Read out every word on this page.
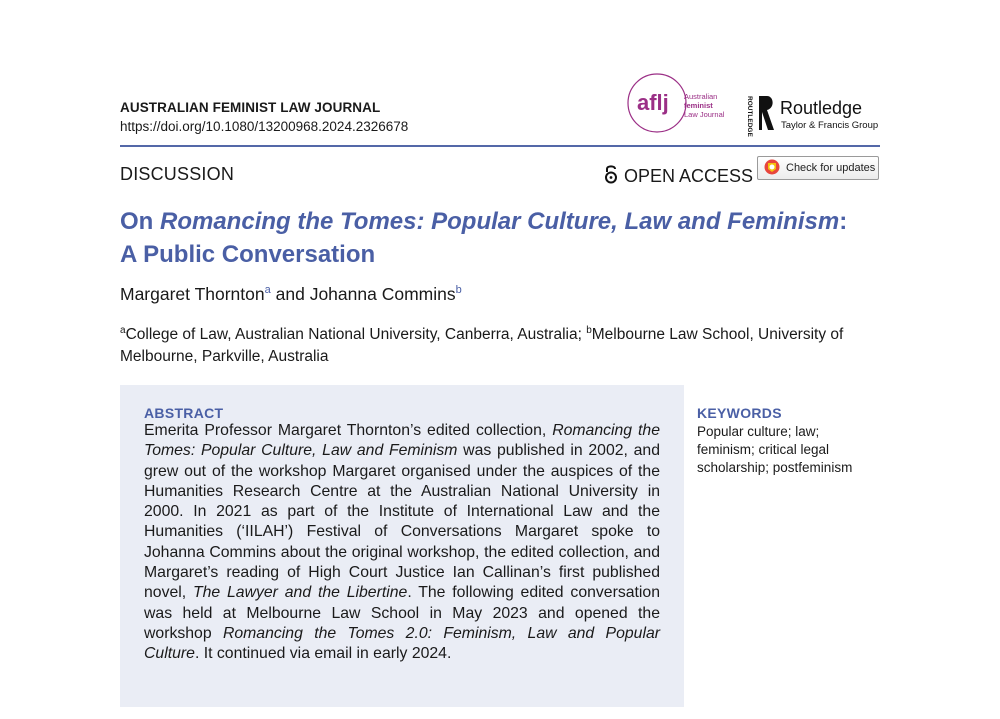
AUSTRALIAN FEMINIST LAW JOURNAL
https://doi.org/10.1080/13200968.2024.2326678
aflj Australian
feminist
Law Journal	ROUTLEDGE Routledge
Taylor & Francis Group
DISCUSSION	OPEN ACCESS	Check for updates
On Romancing the Tomes: Popular Culture, Law and Feminism:
A Public Conversation
Margaret Thornton$^a$ and Johanna Commins$^b$
$^a$College of Law, Australian National University, Canberra, Australia; $^b$Melbourne Law School, University of Melbourne, Parkville, Australia
ABSTRACT
Emerita Professor Margaret Thornton’s edited collection, Romancing the Tomes: Popular Culture, Law and Feminism was published in 2002, and grew out of the workshop Margaret organised under the auspices of the Humanities Research Centre at the Australian National University in 2000. In 2021 as part of the Institute of International Law and the Humanities (‘IILAH’) Festival of Conversations Margaret spoke to Johanna Commins about the original workshop, the edited collection, and Margaret’s reading of High Court Justice Ian Callinan’s first published novel, The Lawyer and the Libertine. The following edited conversation was held at Melbourne Law School in May 2023 and opened the workshop Romancing the Tomes 2.0: Feminism, Law and Popular Culture. It continued via email in early 2024.
KEYWORDS
Popular culture; law; feminism; critical legal scholarship; postfeminism
